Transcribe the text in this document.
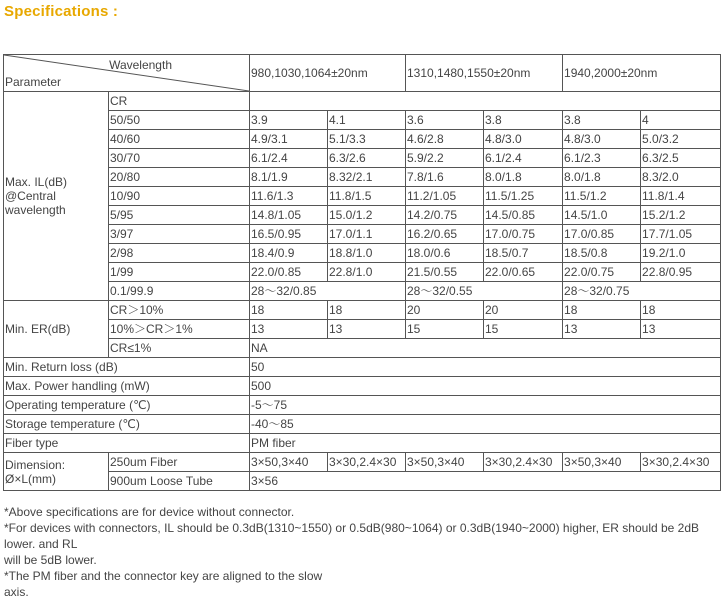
Specifications :
Wavelength
Parameter		980,1030,1064±20nm		1310,1480,1550±20nm		1940,2000±20nm	
Max. IL(dB)
@Central
wavelength	CR						
	50/50	3.9	4.1	3.6	3.8	3.8	4
	40/60	4.9/3.1	5.1/3.3	4.6/2.8	4.8/3.0	4.8/3.0	5.0/3.2
	30/70	6.1/2.4	6.3/2.6	5.9/2.2	6.1/2.4	6.1/2.3	6.3/2.5
	20/80	8.1/1.9	8.32/2.1	7.8/1.6	8.0/1.8	8.0/1.8	8.3/2.0
	10/90	11.6/1.3	11.8/1.5	11.2/1.05	11.5/1.25	11.5/1.2	11.8/1.4
	5/95	14.8/1.05	15.0/1.2	14.2/0.75	14.5/0.85	14.5/1.0	15.2/1.2
	3/97	16.5/0.95	17.0/1.1	16.2/0.65	17.0/0.75	17.0/0.85	17.7/1.05
	2/98	18.4/0.9	18.8/1.0	18.0/0.6	18.5/0.7	18.5/0.8	19.2/1.0
	1/99	22.0/0.85	22.8/1.0	21.5/0.55	22.0/0.65	22.0/0.75	22.8/0.95
	0.1/99.9	28～32/0.85		28～32/0.55		28～32/0.75	
Min. ER(dB)	CR＞10%	18	18	20	20	18	18
	10%＞CR＞1%	13	13	15	15	13	13
	CR≤1%	NA					
Min. Return loss (dB)		50					
Max. Power handling (mW)		500					
Operating temperature (℃)		-5～75					
Storage temperature (℃)		-40～85					
Fiber type		PM fiber					
Dimension:
Ø×L(mm)	250um Fiber	3×50,3×40	3×30,2.4×30	3×50,3×40	3×30,2.4×30	3×50,3×40	3×30,2.4×30
	900um Loose Tube	3×56					
*Above specifications are for device without connector.
*For devices with connectors, IL should be 0.3dB(1310~1550) or 0.5dB(980~1064) or 0.3dB(1940~2000) higher, ER should be 2dB
lower. and RL
will be 5dB lower.
*The PM fiber and the connector key are aligned to the slow
axis.
